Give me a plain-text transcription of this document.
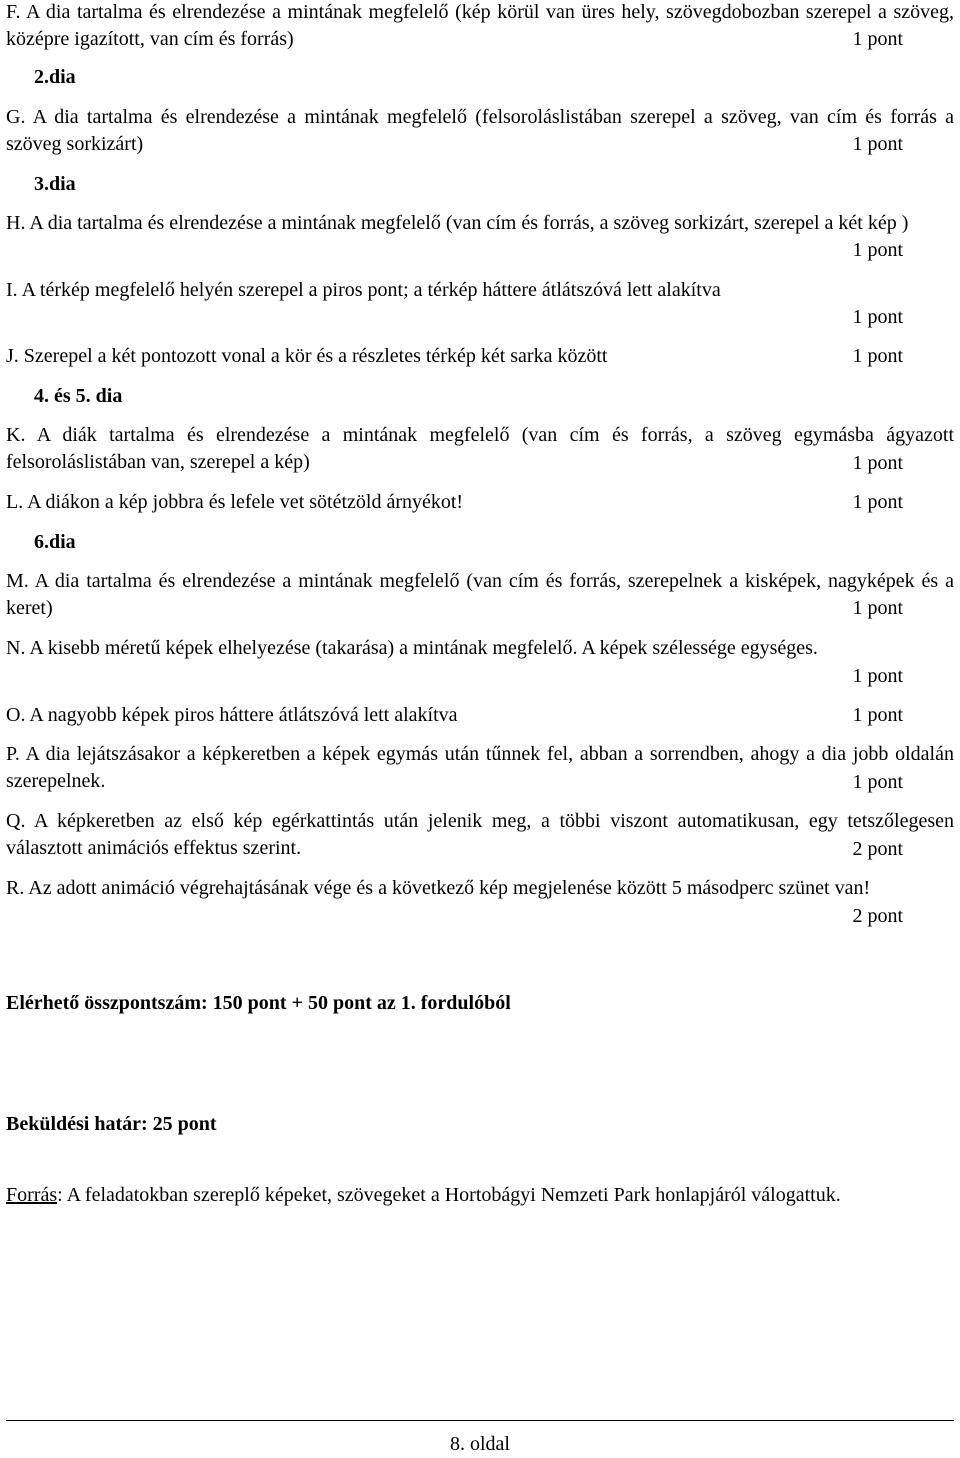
F. A dia tartalma és elrendezése a mintának megfelelő (kép körül van üres hely, szövegdobozban szerepel a szöveg, középre igazított, van cím és forrás)	1 pont
2.dia
G. A dia tartalma és elrendezése a mintának megfelelő (felsoroláslistában szerepel a szöveg, van cím és forrás a szöveg sorkizárt)	1 pont
3.dia
H. A dia tartalma és elrendezése a mintának megfelelő (van cím és forrás, a szöveg sorkizárt, szerepel a két kép )
1 pont
I. A térkép megfelelő helyén szerepel a piros pont; a térkép háttere átlátszóvá lett alakítva
1 pont
J. Szerepel a két pontozott vonal a kör és a részletes térkép két sarka között	1 pont
4. és 5. dia
K. A diák tartalma és elrendezése a mintának megfelelő (van cím és forrás, a szöveg egymásba ágyazott felsoroláslistában van, szerepel a kép)	1 pont
L. A diákon a kép jobbra és lefele vet sötétzöld árnyékot!	1 pont
6.dia
M. A dia tartalma és elrendezése a mintának megfelelő (van cím és forrás, szerepelnek a kisképek, nagyképek és a keret)	1 pont
N. A kisebb méretű képek elhelyezése (takarása) a mintának megfelelő. A képek szélessége egységes.
1 pont
O. A nagyobb képek piros háttere átlátszóvá lett alakítva	1 pont
P. A dia lejátszásakor a képkeretben a képek egymás után tűnnek fel, abban a sorrendben, ahogy a dia jobb oldalán szerepelnek.	1 pont
Q. A képkeretben az első kép egérkattintás után jelenik meg, a többi viszont automatikusan, egy tetszőlegesen választott animációs effektus szerint.	2 pont
R. Az adott animáció végrehajtásának vége és a következő kép megjelenése között 5 másodperc szünet van!
2 pont
Elérhető összpontszám: 150 pont + 50 pont az 1. fordulóból
Beküldési határ: 25 pont
Forrás: A feladatokban szereplő képeket, szövegeket a Hortobágyi Nemzeti Park honlapjáról válogattuk.
8. oldal
